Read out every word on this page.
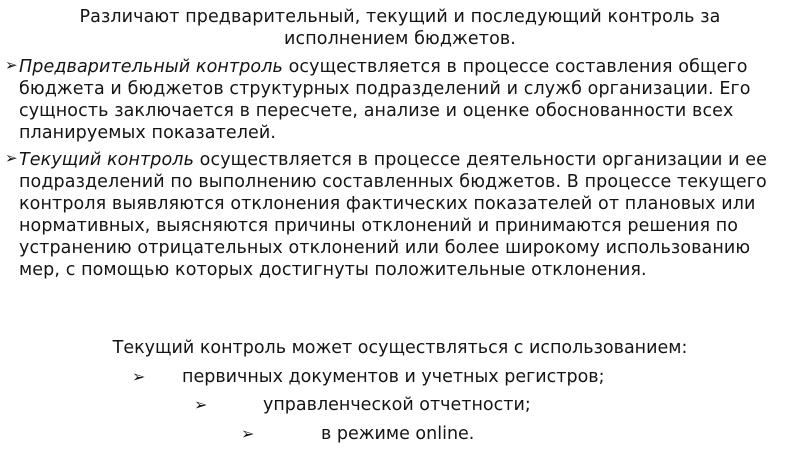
Различают предварительный, текущий и последующий контроль за исполнением бюджетов.
➢ Предварительный контроль осуществляется в процессе составления общего бюджета и бюджетов структурных подразделений и служб организации. Его сущность заключается в пересчете, анализе и оценке обоснованности всех планируемых показателей.
➢ Текущий контроль осуществляется в процессе деятельности организации и ее подразделений по выполнению составленных бюджетов. В процессе текущего контроля выявляются отклонения фактических показателей от плановых или нормативных, выясняются причины отклонений и принимаются решения по устранению отрицательных отклонений или более широкому использованию мер, с помощью которых достигнуты положительные отклонения.
Текущий контроль может осуществляться с использованием:
➢ первичных документов и учетных регистров;
➢	управленческой отчетности;
➢	в режиме online.
